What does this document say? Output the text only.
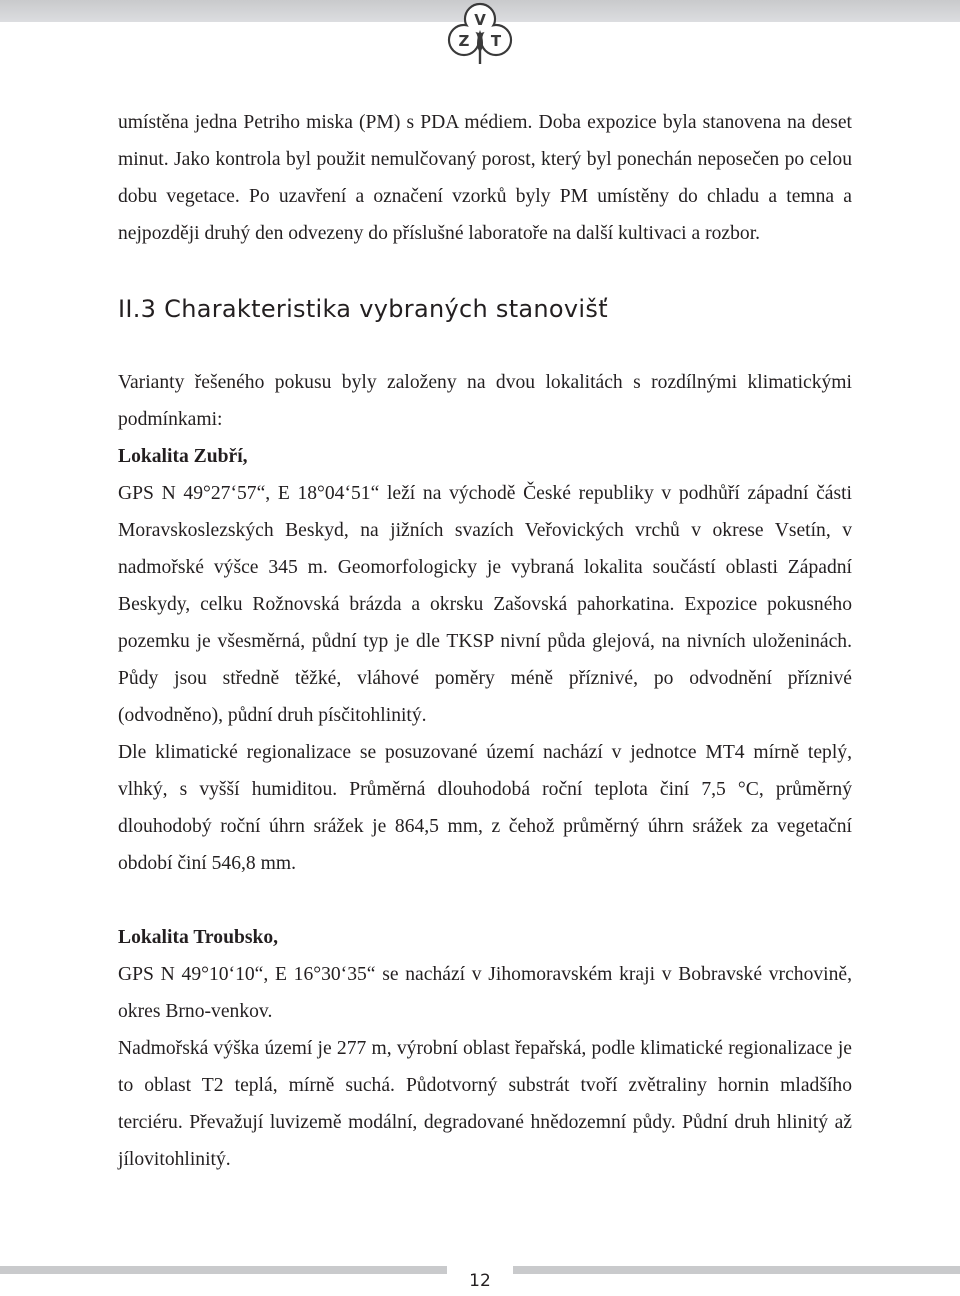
V
Z T

umístěna jedna Petriho miska (PM) s PDA médiem. Doba expozice byla stanovena na deset minut. Jako kontrola byl použit nemulčovaný porost, který byl ponechán neposečen po celou dobu vegetace. Po uzavření a označení vzorků byly PM umístěny do chladu a temna a nejpozději druhý den odvezeny do příslušné laboratoře na další kultivaci a rozbor.

II.3 Charakteristika vybraných stanovišť

Varianty řešeného pokusu byly založeny na dvou lokalitách s rozdílnými klimatickými podmínkami:

Lokalita Zubří,

GPS N 49°27‘57“, E 18°04‘51“ leží na východě České republiky v podhůří západní části Moravskoslezských Beskyd, na jižních svazích Veřovických vrchů v okrese Vsetín, v nadmořské výšce 345 m. Geomorfologicky je vybraná lokalita součástí oblasti Západní Beskydy, celku Rožnovská brázda a okrsku Zašovská pahorkatina. Expozice pokusného pozemku je všesměrná, půdní typ je dle TKSP nivní půda glejová, na nivních uloženinách. Půdy jsou středně těžké, vláhové poměry méně příznivé, po odvodnění příznivé (odvodněno), půdní druh písčitohlinitý.

Dle klimatické regionalizace se posuzované území nachází v jednotce MT4 mírně teplý, vlhký, s vyšší humiditou. Průměrná dlouhodobá roční teplota činí 7,5 °C, průměrný dlouhodobý roční úhrn srážek je 864,5 mm, z čehož průměrný úhrn srážek za vegetační období činí 546,8 mm.

Lokalita Troubsko,

GPS N 49°10‘10“, E 16°30‘35“ se nachází v Jihomoravském kraji v Bobravské vrchovině, okres Brno-venkov.

Nadmořská výška území je 277 m, výrobní oblast řepařská, podle klimatické regionalizace je to oblast T2 teplá, mírně suchá. Půdotvorný substrát tvoří zvětraliny hornin mladšího terciéru. Převažují luvizemě modální, degradované hnědozemní půdy. Půdní druh hlinitý až jílovitohlinitý.

12
